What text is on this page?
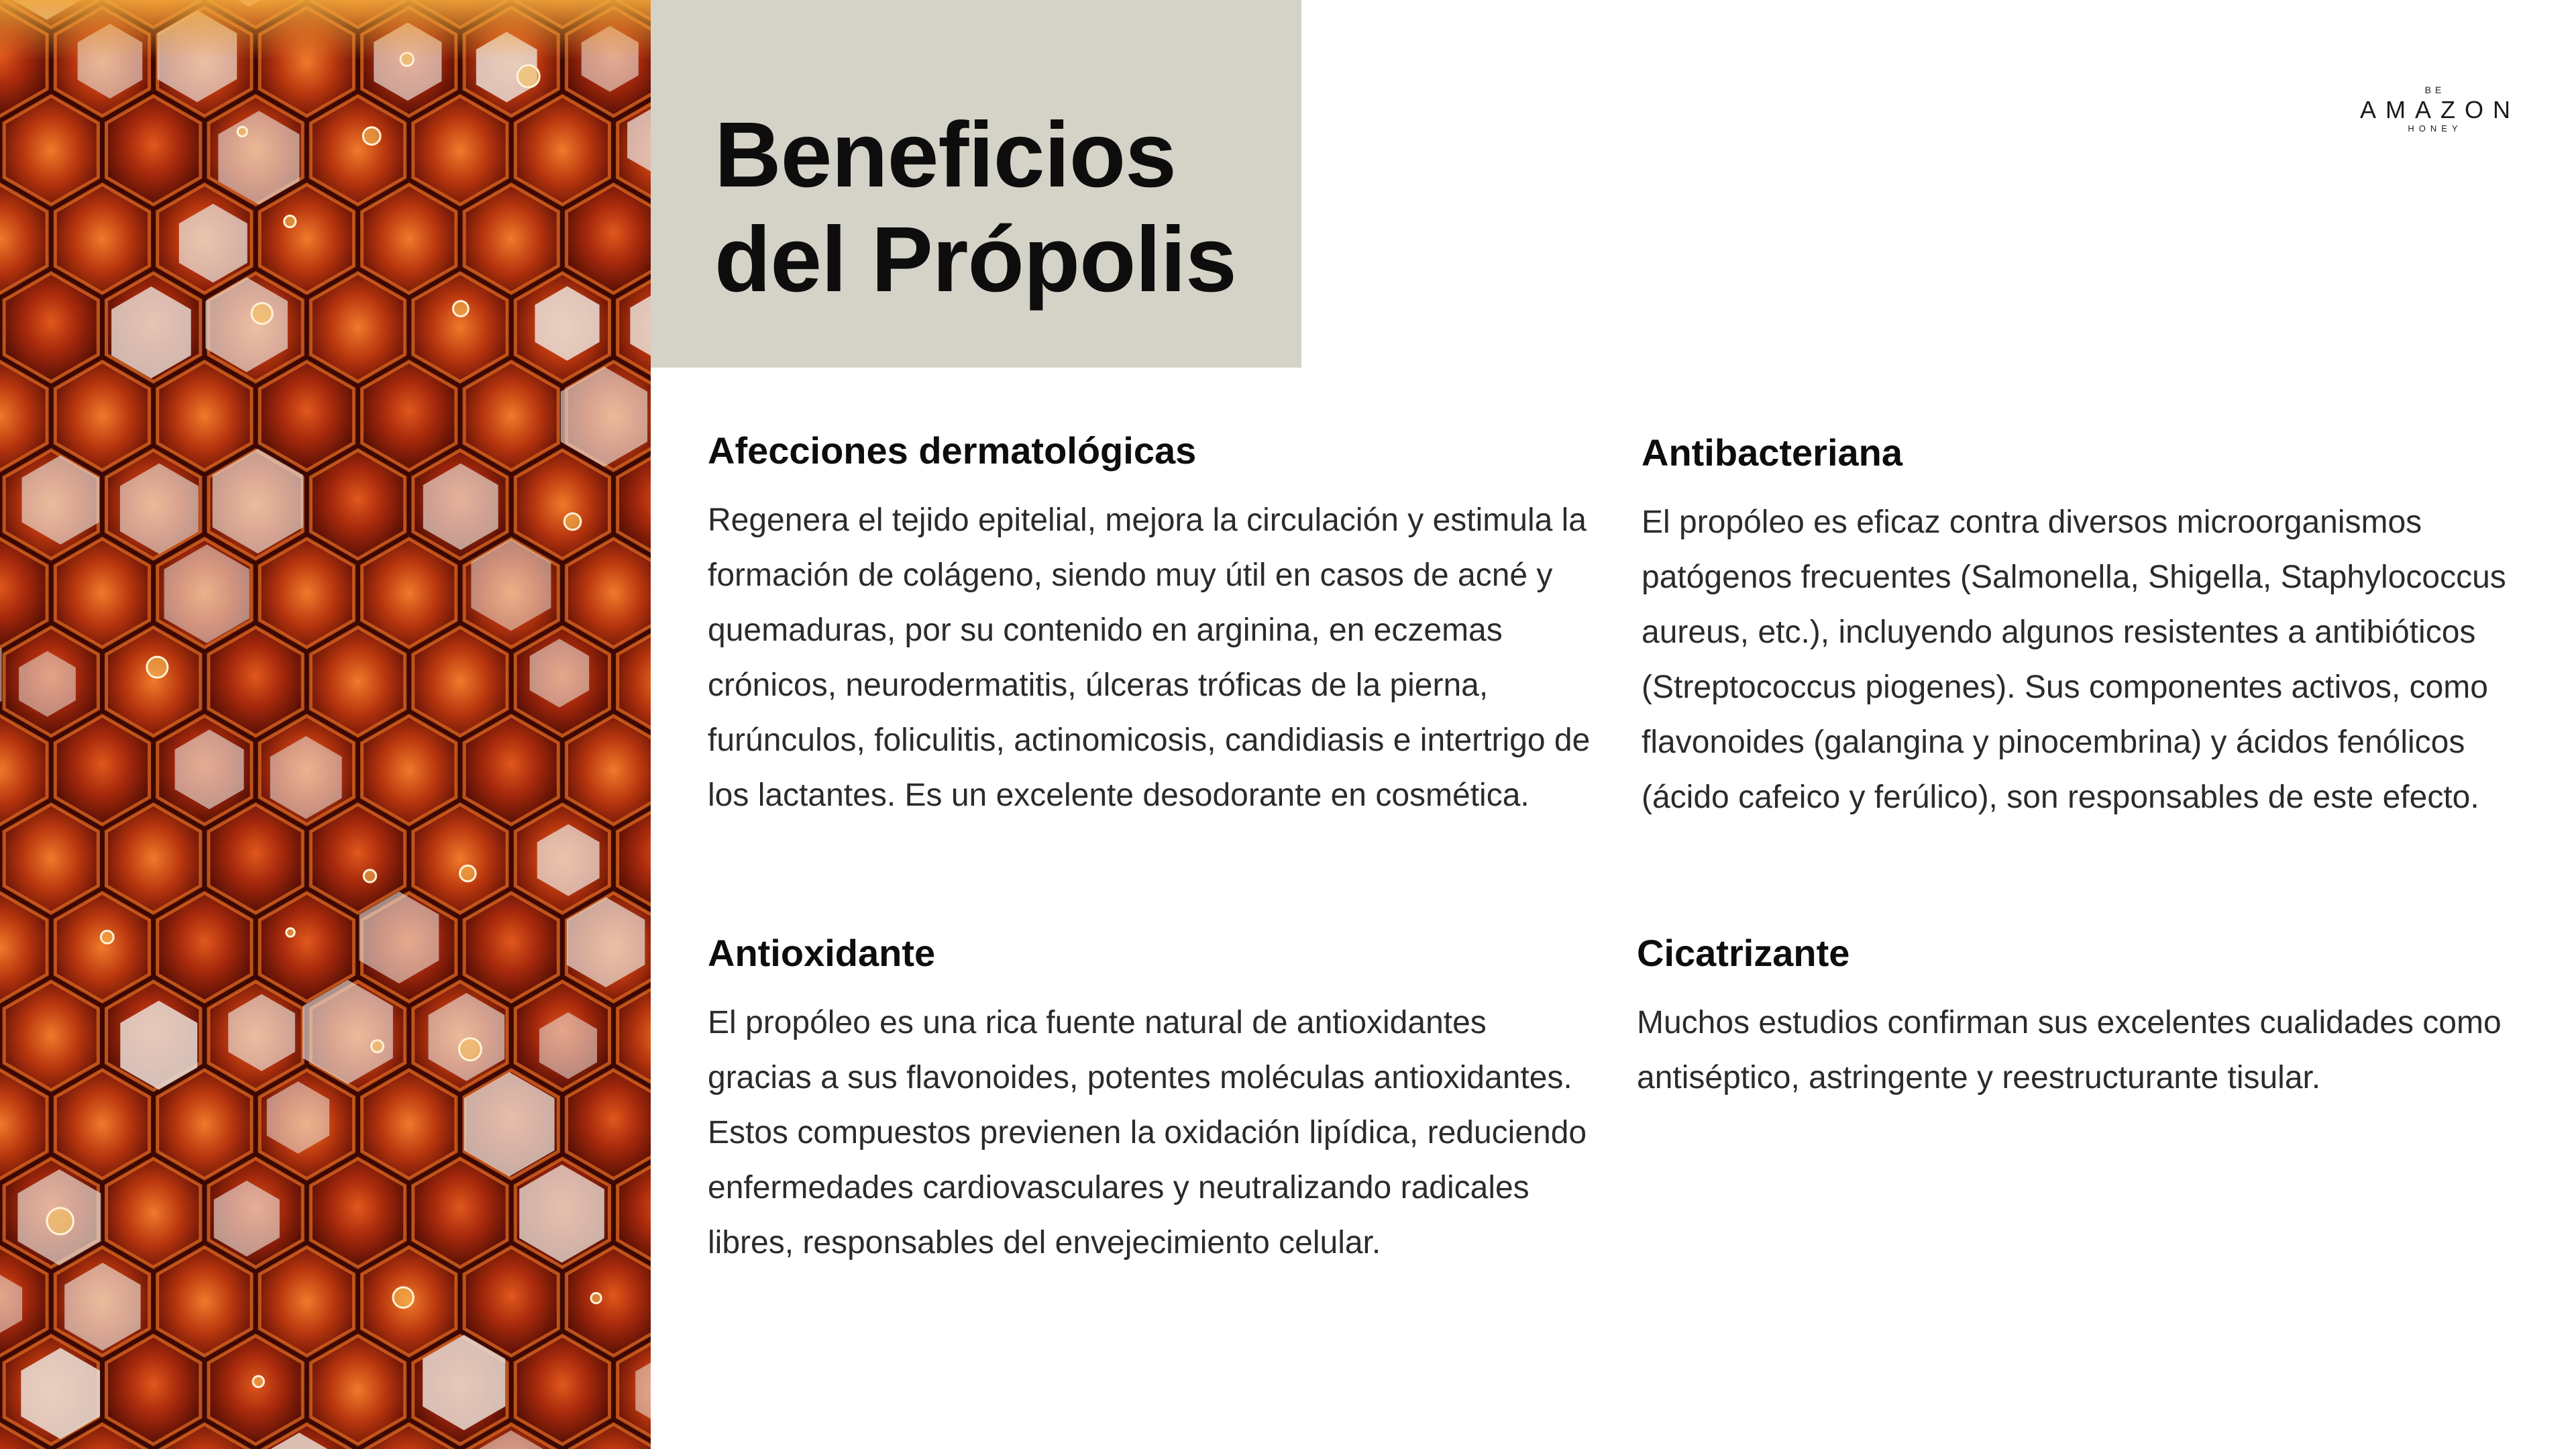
Beneficios
del Própolis
BE
AMAZON
HONEY
Afecciones dermatológicas

Regenera el tejido epitelial, mejora la circulación y estimula la formación de colágeno, siendo muy útil en casos de acné y quemaduras, por su contenido en arginina, en eczemas crónicos, neurodermatitis, úlceras tróficas de la pierna, furúnculos, foliculitis, actinomicosis, candidiasis e intertrigo de los lactantes. Es un excelente desodorante en cosmética.

Antibacteriana

El propóleo es eficaz contra diversos microorganismos patógenos frecuentes (Salmonella, Shigella, Staphylococcus aureus, etc.), incluyendo algunos resistentes a antibióticos (Streptococcus piogenes). Sus componentes activos, como flavonoides (galangina y pinocembrina) y ácidos fenólicos (ácido cafeico y ferúlico), son responsables de este efecto.

Antioxidante

El propóleo es una rica fuente natural de antioxidantes gracias a sus flavonoides, potentes moléculas antioxidantes. Estos compuestos previenen la oxidación lipídica, reduciendo enfermedades cardiovasculares y neutralizando radicales libres, responsables del envejecimiento celular.

Cicatrizante

Muchos estudios confirman sus excelentes cualidades como antiséptico, astringente y reestructurante tisular.
